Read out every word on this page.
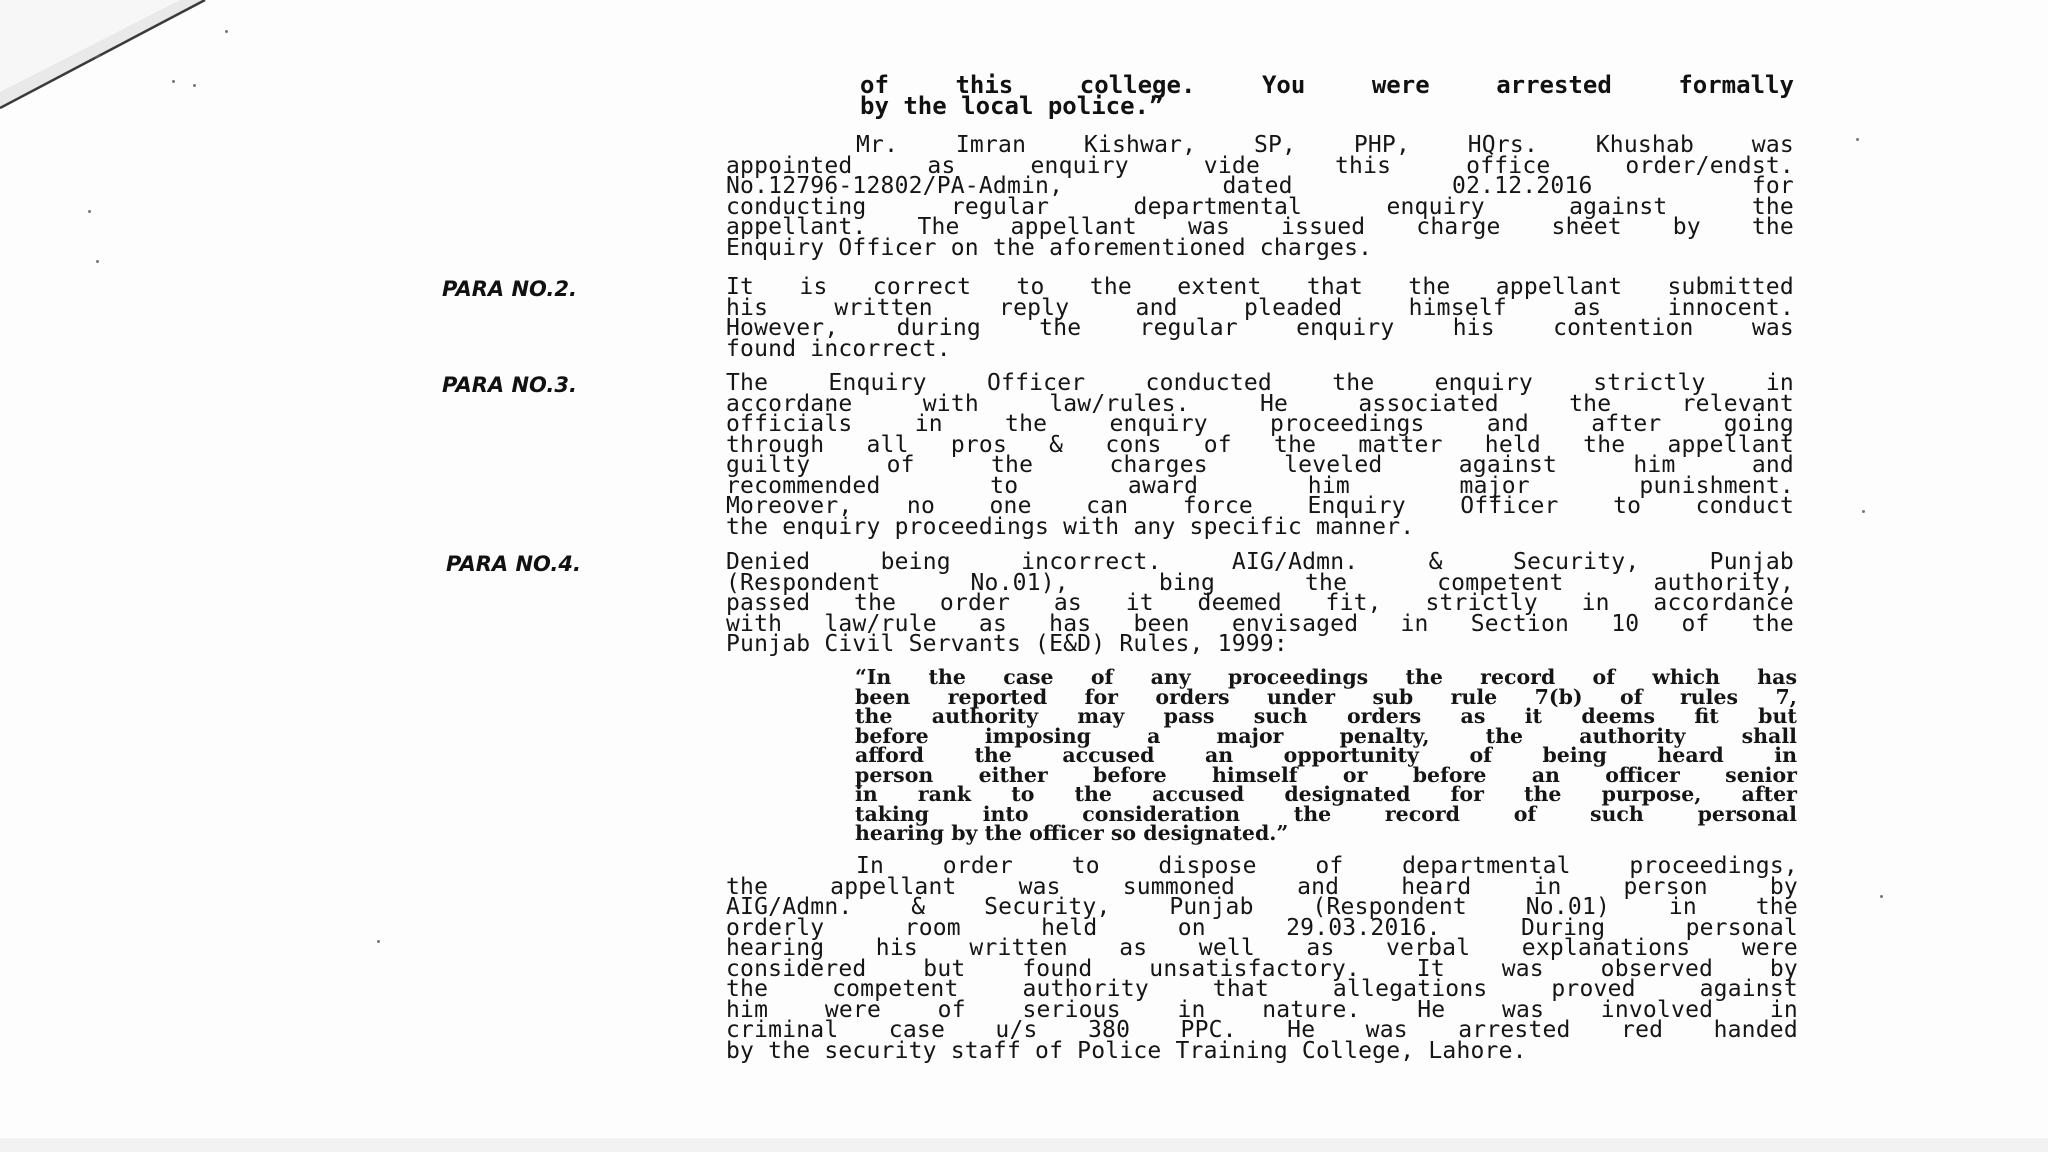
of	this	college.	You	were	arrested	formally
by the local police.”
Mr.	Imran	Kishwar,	SP,	PHP,	HQrs.	Khushab	was
appointed	as	enquiry	vide	this	office	order/endst.
No.12796-12802/PA-Admin,	dated	02.12.2016	for
conducting	regular	departmental	enquiry	against	the
appellant. The appellant was issued charge sheet by the
Enquiry Officer on the aforementioned charges.
PARA NO.2.	It is correct to the extent that the appellant submitted
his	written	reply	and	pleaded	himself	as	innocent.
However,	during	the	regular	enquiry	his	contention	was
found incorrect.
PARA NO.3.	The	Enquiry	Officer	conducted	the	enquiry	strictly	in
accordane	with	law/rules.	He	associated	the	relevant
officials	in	the	enquiry	proceedings	and	after	going
through all pros & cons of the matter held the appellant
guilty	of	the	charges	leveled	against	him	and
recommended	to	award	him	major	punishment.
Moreover, no one can force Enquiry Officer to conduct
the enquiry proceedings with any specific manner.
PARA NO.4.	Denied	being	incorrect.	AIG/Admn.	&	Security,	Punjab
(Respondent	No.01),	bing	the	competent	authority,
passed the order as it deemed fit, strictly in accordance
with law/rule as has been envisaged in Section 10 of the
Punjab Civil Servants (E&D) Rules, 1999:
“In the case of any proceedings the record of which has
been reported for orders under sub rule 7(b) of rules 7,
the authority may pass such orders as it deems fit but
before	imposing	a	major	penalty,	the	authority	shall
afford the accused an opportunity of being heard in
person either before himself or before an officer senior
in rank to the accused designated for the purpose, after
taking	into	consideration	the	record	of	such	personal
hearing by the officer so designated.”
In	order	to	dispose	of	departmental	proceedings,
the	appellant	was	summoned	and	heard	in	person	by
AIG/Admn.	&	Security,	Punjab	(Respondent	No.01)	in	the
orderly	room	held	on	29.03.2016.	During	personal
hearing his written as well as verbal explanations were
considered but found unsatisfactory. It was observed by
the	competent	authority	that	allegations	proved	against
him were of serious in nature. He was involved in
criminal case u/s 380 PPC. He was arrested red handed
by the security staff of Police Training College, Lahore.
